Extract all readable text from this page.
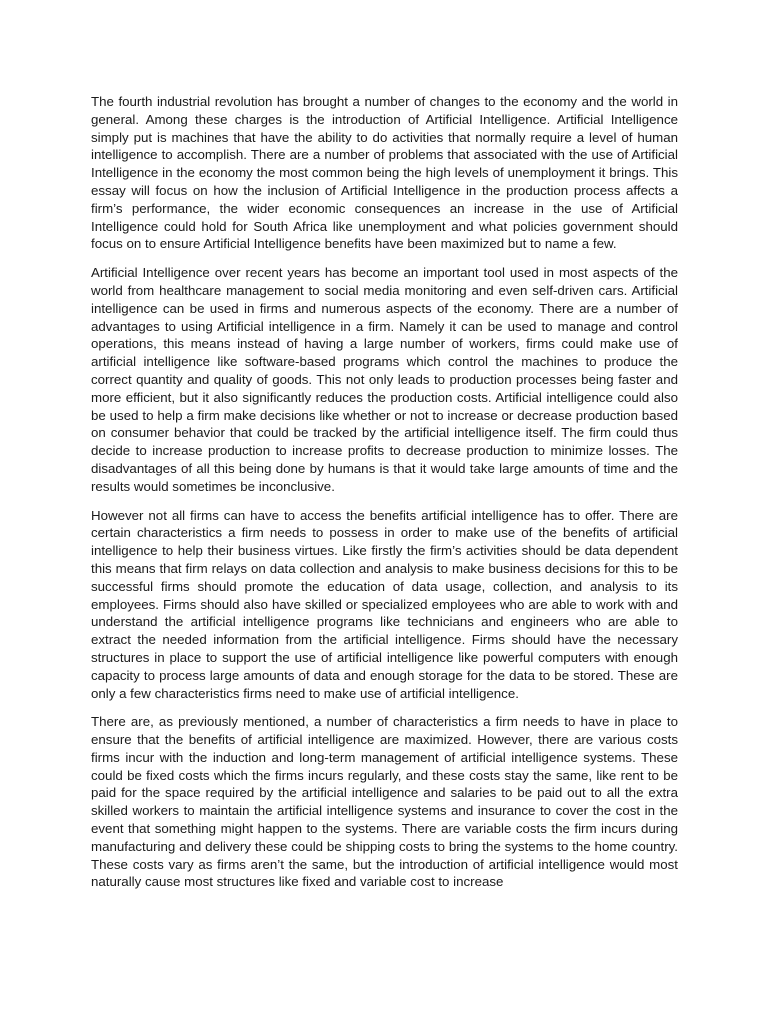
The fourth industrial revolution has brought a number of changes to the economy and the world in general. Among these charges is the introduction of Artificial Intelligence. Artificial Intelligence simply put is machines that have the ability to do activities that normally require a level of human intelligence to accomplish. There are a number of problems that associated with the use of Artificial Intelligence in the economy the most common being the high levels of unemployment it brings. This essay will focus on how the inclusion of Artificial Intelligence in the production process affects a firm’s performance, the wider economic consequences an increase in the use of Artificial Intelligence could hold for South Africa like unemployment and what policies government should focus on to ensure Artificial Intelligence benefits have been maximized but to name a few.

Artificial Intelligence over recent years has become an important tool used in most aspects of the world from healthcare management to social media monitoring and even self-driven cars. Artificial intelligence can be used in firms and numerous aspects of the economy. There are a number of advantages to using Artificial intelligence in a firm. Namely it can be used to manage and control operations, this means instead of having a large number of workers, firms could make use of artificial intelligence like software-based programs which control the machines to produce the correct quantity and quality of goods. This not only leads to production processes being faster and more efficient, but it also significantly reduces the production costs. Artificial intelligence could also be used to help a firm make decisions like whether or not to increase or decrease production based on consumer behavior that could be tracked by the artificial intelligence itself. The firm could thus decide to increase production to increase profits to decrease production to minimize losses. The disadvantages of all this being done by humans is that it would take large amounts of time and the results would sometimes be inconclusive.

However not all firms can have to access the benefits artificial intelligence has to offer. There are certain characteristics a firm needs to possess in order to make use of the benefits of artificial intelligence to help their business virtues. Like firstly the firm’s activities should be data dependent this means that firm relays on data collection and analysis to make business decisions for this to be successful firms should promote the education of data usage, collection, and analysis to its employees. Firms should also have skilled or specialized employees who are able to work with and understand the artificial intelligence programs like technicians and engineers who are able to extract the needed information from the artificial intelligence. Firms should have the necessary structures in place to support the use of artificial intelligence like powerful computers with enough capacity to process large amounts of data and enough storage for the data to be stored. These are only a few characteristics firms need to make use of artificial intelligence.

There are, as previously mentioned, a number of characteristics a firm needs to have in place to ensure that the benefits of artificial intelligence are maximized. However, there are various costs firms incur with the induction and long-term management of artificial intelligence systems. These could be fixed costs which the firms incurs regularly, and these costs stay the same, like rent to be paid for the space required by the artificial intelligence and salaries to be paid out to all the extra skilled workers to maintain the artificial intelligence systems and insurance to cover the cost in the event that something might happen to the systems. There are variable costs the firm incurs during manufacturing and delivery these could be shipping costs to bring the systems to the home country. These costs vary as firms aren’t the same, but the introduction of artificial intelligence would most naturally cause most structures like fixed and variable cost to increase
